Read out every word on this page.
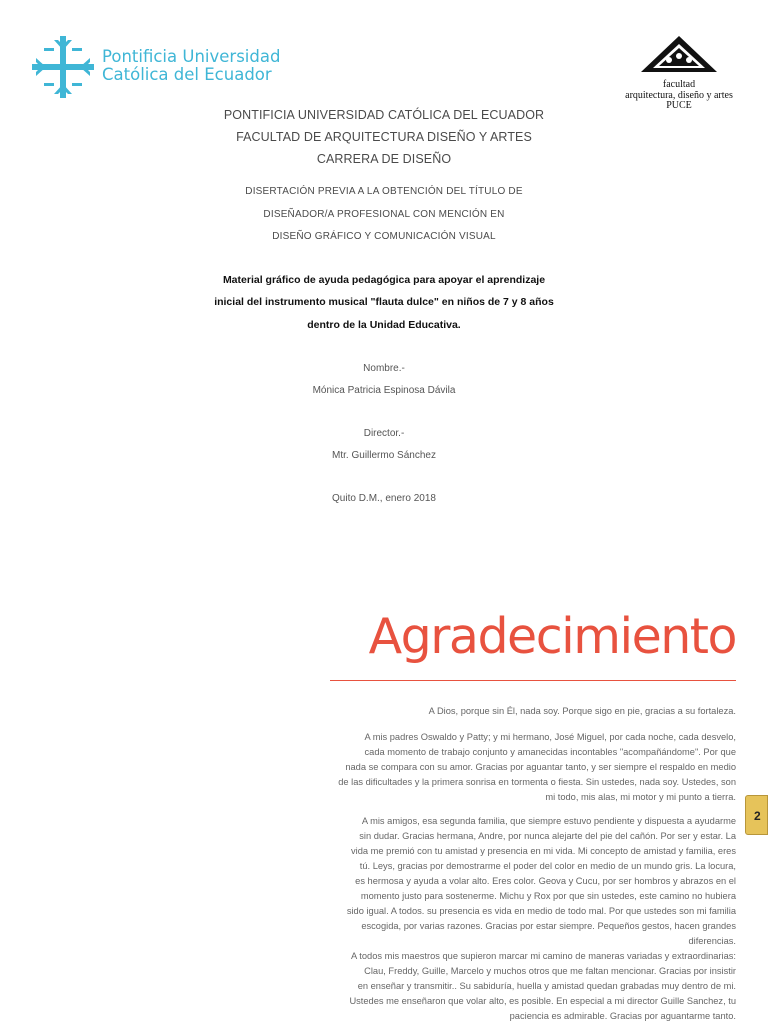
Pontificia Universidad
Católica del Ecuador
facultad
arquitectura, diseño y artes
PUCE
PONTIFICIA UNIVERSIDAD CATÓLICA DEL ECUADOR
FACULTAD DE ARQUITECTURA DISEÑO Y ARTES
CARRERA DE DISEÑO
DISERTACIÓN PREVIA A LA OBTENCIÓN DEL TÍTULO DE
DISEÑADOR/A PROFESIONAL CON MENCIÓN EN
DISEÑO GRÁFICO Y COMUNICACIÓN VISUAL
Material gráfico de ayuda pedagógica para apoyar el aprendizaje
inicial del instrumento musical "flauta dulce" en niños de 7 y 8 años
dentro de la Unidad Educativa.
Nombre.-
Mónica Patricia Espinosa Dávila
Director.-
Mtr. Guillermo Sánchez
Quito D.M., enero 2018
Agradecimiento
A Dios, porque sin Él, nada soy. Porque sigo en pie, gracias a su fortaleza.
A mis padres Oswaldo y Patty; y mi hermano, José Miguel, por cada noche, cada desvelo,
cada momento de trabajo conjunto y amanecidas incontables "acompañándome". Por que
nada se compara con su amor. Gracias por aguantar tanto, y ser siempre el respaldo en medio
de las dificultades y la primera sonrisa en tormenta o fiesta. Sin ustedes, nada soy. Ustedes, son
mi todo, mis alas, mi motor y mi punto a tierra.
A mis amigos, esa segunda familia, que siempre estuvo pendiente y dispuesta a ayudarme
sin dudar. Gracias hermana, Andre, por nunca alejarte del pie del cañón. Por ser y estar. La
vida me premió con tu amistad y presencia en mi vida. Mi concepto de amistad y familia, eres
tú. Leys, gracias por demostrarme el poder del color en medio de un mundo gris. La locura,
es hermosa y ayuda a volar alto. Eres color. Geova y Cucu, por ser hombros y abrazos en el
momento justo para sostenerme. Michu y Rox por que sin ustedes, este camino no hubiera
sido igual. A todos. su presencia es vida en medio de todo mal. Por que ustedes son mi familia
escogida, por varias razones. Gracias por estar siempre. Pequeños gestos, hacen grandes
diferencias.
A todos mis maestros que supieron marcar mi camino de maneras variadas y extraordinarias:
Clau, Freddy, Guille, Marcelo y muchos otros que me faltan mencionar. Gracias por insistir
en enseñar y transmitir.. Su sabiduría, huella y amistad quedan grabadas muy dentro de mi.
Ustedes me enseñaron que volar alto, es posible. En especial a mi director Guille Sanchez, tu
paciencia es admirable. Gracias por aguantarme tanto.
2
